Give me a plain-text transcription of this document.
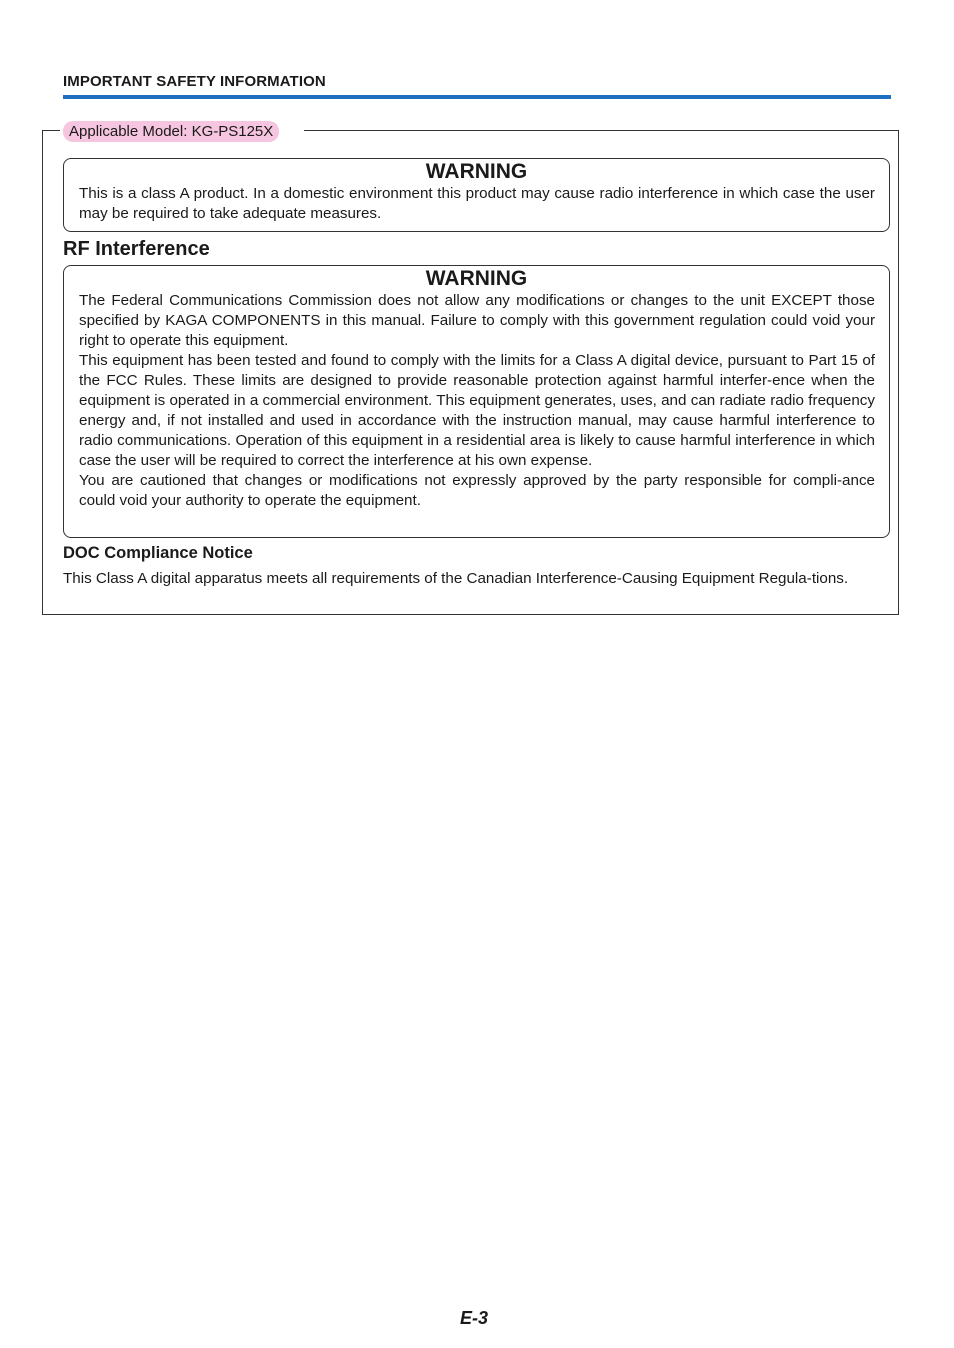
IMPORTANT SAFETY INFORMATION
Applicable Model: KG-PS125X
WARNING

This is a class A product. In a domestic environment this product may cause radio interference in which case the user may be required to take adequate measures.

RF Interference
WARNING

The Federal Communications Commission does not allow any modifications or changes to the unit EXCEPT those specified by KAGA COMPONENTS in this manual. Failure to comply with this government regulation could void your right to operate this equipment.

This equipment has been tested and found to comply with the limits for a Class A digital device, pursuant to Part 15 of the FCC Rules. These limits are designed to provide reasonable protection against harmful interfer-ence when the equipment is operated in a commercial environment. This equipment generates, uses, and can radiate radio frequency energy and, if not installed and used in accordance with the instruction manual, may cause harmful interference to radio communications. Operation of this equipment in a residential area is likely to cause harmful interference in which case the user will be required to correct the interference at his own expense.

You are cautioned that changes or modifications not expressly approved by the party responsible for compli-ance could void your authority to operate the equipment.

DOC Compliance Notice

This Class A digital apparatus meets all requirements of the Canadian Interference-Causing Equipment Regula-tions.

E-3
